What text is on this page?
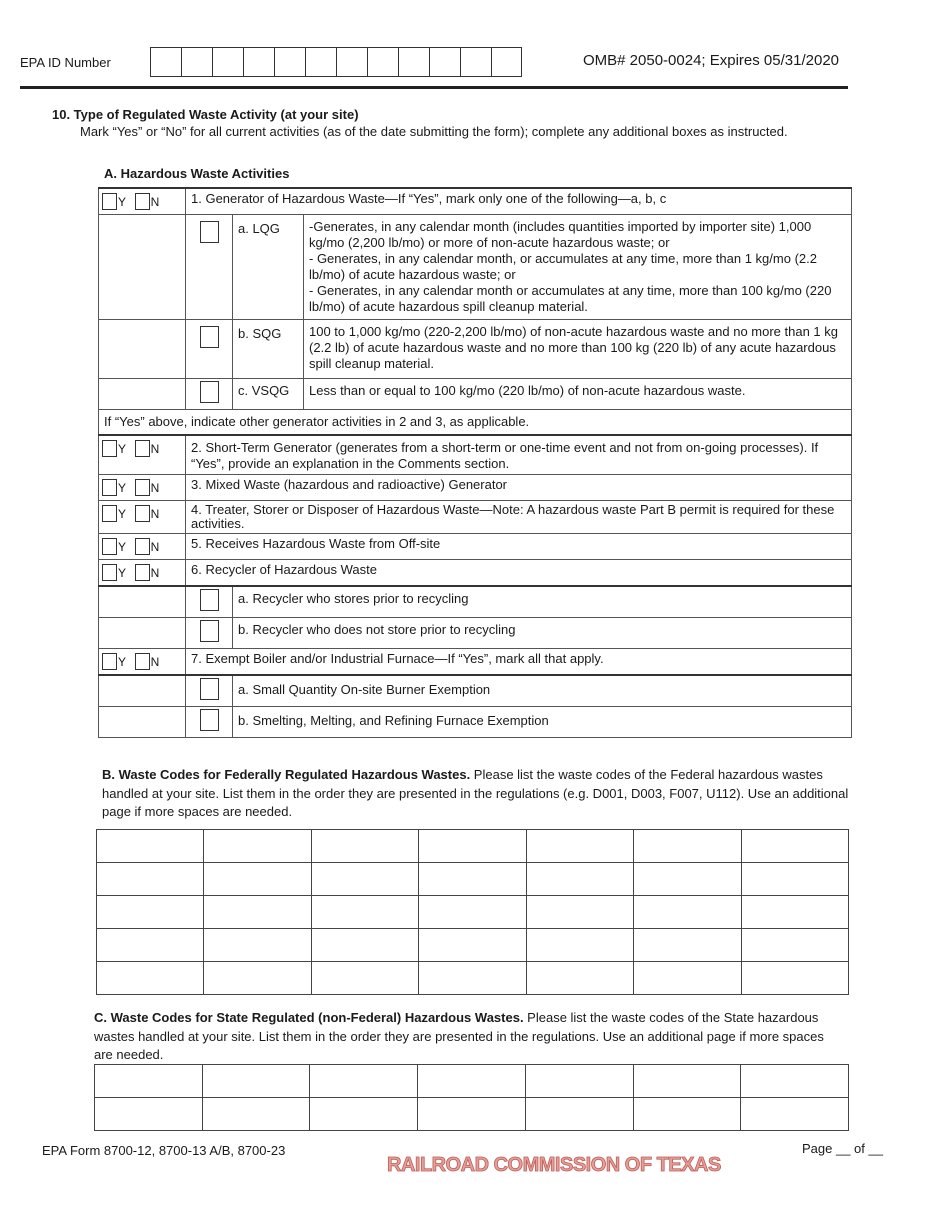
EPA ID Number	OMB# 2050-0024; Expires 05/31/2020
10. Type of Regulated Waste Activity (at your site)
Mark “Yes” or “No” for all current activities (as of the date submitting the form); complete any additional boxes as instructed.
A. Hazardous Waste Activities
Y N	1. Generator of Hazardous Waste—If “Yes”, mark only one of the following—a, b, c		
		a. LQG	-Generates, in any calendar month (includes quantities imported by importer site) 1,000 kg/mo (2,200 lb/mo) or more of non-acute hazardous waste; or
- Generates, in any calendar month, or accumulates at any time, more than 1 kg/mo (2.2 lb/mo) of acute hazardous waste; or
- Generates, in any calendar month or accumulates at any time, more than 100 kg/mo (220 lb/mo) of acute hazardous spill cleanup material.
		b. SQG	100 to 1,000 kg/mo (220-2,200 lb/mo) of non-acute hazardous waste and no more than 1 kg (2.2 lb) of acute hazardous waste and no more than 100 kg (220 lb) of any acute hazardous spill cleanup material.
		c. VSQG	Less than or equal to 100 kg/mo (220 lb/mo) of non-acute hazardous waste.
If “Yes” above, indicate other generator activities in 2 and 3, as applicable.			
Y N	2. Short-Term Generator (generates from a short-term or one-time event and not from on-going processes). If “Yes”, provide an explanation in the Comments section.		
Y N	3. Mixed Waste (hazardous and radioactive) Generator		
Y N	4. Treater, Storer or Disposer of Hazardous Waste—Note: A hazardous waste Part B permit is required for these activities.		
Y N	5. Receives Hazardous Waste from Off-site		
Y N	6. Recycler of Hazardous Waste		
		a. Recycler who stores prior to recycling	
		b. Recycler who does not store prior to recycling	
Y N	7. Exempt Boiler and/or Industrial Furnace—If “Yes”, mark all that apply.		
		a. Small Quantity On-site Burner Exemption	
		b. Smelting, Melting, and Refining Furnace Exemption	
B. Waste Codes for Federally Regulated Hazardous Wastes. Please list the waste codes of the Federal hazardous wastes handled at your site. List them in the order they are presented in the regulations (e.g. D001, D003, F007, U112). Use an additional page if more spaces are needed.

C. Waste Codes for State Regulated (non-Federal) Hazardous Wastes. Please list the waste codes of the State hazardous wastes handled at your site. List them in the order they are presented in the regulations. Use an additional page if more spaces are needed.

EPA Form 8700-12, 8700-13 A/B, 8700-23
RAILROAD COMMISSION OF TEXAS
Page __ of __
